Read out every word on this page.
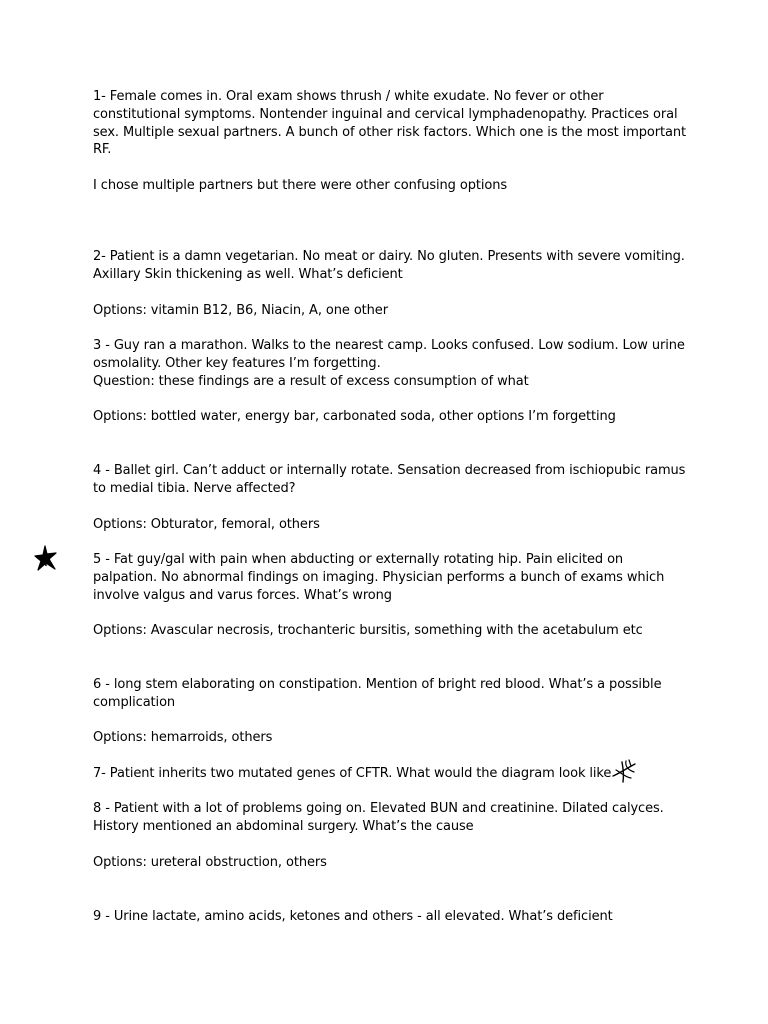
1- Female comes in. Oral exam shows thrush / white exudate. No fever or other
constitutional symptoms. Nontender inguinal and cervical lymphadenopathy. Practices oral
sex. Multiple sexual partners. A bunch of other risk factors. Which one is the most important
RF.
I chose multiple partners but there were other confusing options
2- Patient is a damn vegetarian. No meat or dairy. No gluten. Presents with severe vomiting.
Axillary Skin thickening as well. What’s deficient
Options: vitamin B12, B6, Niacin, A, one other
3 - Guy ran a marathon. Walks to the nearest camp. Looks confused. Low sodium. Low urine
osmolality. Other key features I’m forgetting.
Question: these findings are a result of excess consumption of what
Options: bottled water, energy bar, carbonated soda, other options I’m forgetting
4 - Ballet girl. Can’t adduct or internally rotate. Sensation decreased from ischiopubic ramus
to medial tibia. Nerve affected?
Options: Obturator, femoral, others
5 - Fat guy/gal with pain when abducting or externally rotating hip. Pain elicited on
palpation. No abnormal findings on imaging. Physician performs a bunch of exams which
involve valgus and varus forces. What’s wrong
Options: Avascular necrosis, trochanteric bursitis, something with the acetabulum etc
6 - long stem elaborating on constipation. Mention of bright red blood. What’s a possible
complication
Options: hemarroids, others
7- Patient inherits two mutated genes of CFTR. What would the diagram look like
8 - Patient with a lot of problems going on. Elevated BUN and creatinine. Dilated calyces.
History mentioned an abdominal surgery. What’s the cause
Options: ureteral obstruction, others
9 - Urine lactate, amino acids, ketones and others - all elevated. What’s deficient
